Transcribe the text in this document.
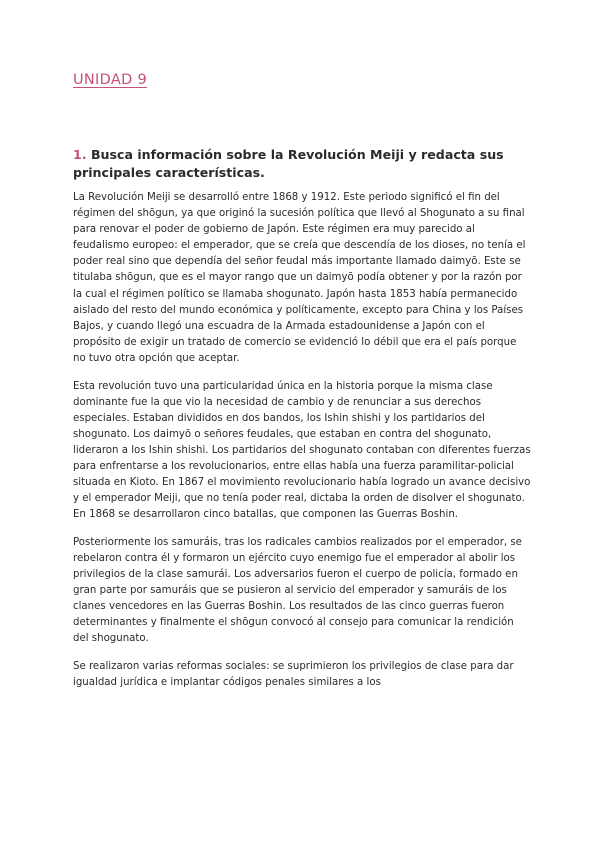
UNIDAD 9
1. Busca información sobre la Revolución Meiji y redacta sus principales características.

La Revolución Meiji se desarrolló entre 1868 y 1912. Este periodo significó el fin del régimen del shōgun, ya que originó la sucesión política que llevó al Shogunato a su final para renovar el poder de gobierno de Japón. Este régimen era muy parecido al feudalismo europeo: el emperador, que se creía que descendía de los dioses, no tenía el poder real sino que dependía del señor feudal más importante llamado daimyō. Este se titulaba shōgun, que es el mayor rango que un daimyō podía obtener y por la razón por la cual el régimen político se llamaba shogunato. Japón hasta 1853 había permanecido aislado del resto del mundo económica y políticamente, excepto para China y los Países Bajos, y cuando llegó una escuadra de la Armada estadounidense a Japón con el propósito de exigir un tratado de comercio se evidenció lo débil que era el país porque no tuvo otra opción que aceptar.

Esta revolución tuvo una particularidad única en la historia porque la misma clase dominante fue la que vio la necesidad de cambio y de renunciar a sus derechos especiales. Estaban divididos en dos bandos, los Ishin shishi y los partidarios del shogunato. Los daimyō o señores feudales, que estaban en contra del shogunato, lideraron a los Ishin shishi. Los partidarios del shogunato contaban con diferentes fuerzas para enfrentarse a los revolucionarios, entre ellas había una fuerza paramilitar-policial situada en Kioto. En 1867 el movimiento revolucionario había logrado un avance decisivo y el emperador Meiji, que no tenía poder real, dictaba la orden de disolver el shogunato. En 1868 se desarrollaron cinco batallas, que componen las Guerras Boshin.

Posteriormente los samuráis, tras los radicales cambios realizados por el emperador, se rebelaron contra él y formaron un ejército cuyo enemigo fue el emperador al abolir los privilegios de la clase samurái. Los adversarios fueron el cuerpo de policía, formado en gran parte por samuráis que se pusieron al servicio del emperador y samuráis de los clanes vencedores en las Guerras Boshin. Los resultados de las cinco guerras fueron determinantes y finalmente el shōgun convocó al consejo para comunicar la rendición del shogunato.

Se realizaron varias reformas sociales: se suprimieron los privilegios de clase para dar igualdad jurídica e implantar códigos penales similares a los
